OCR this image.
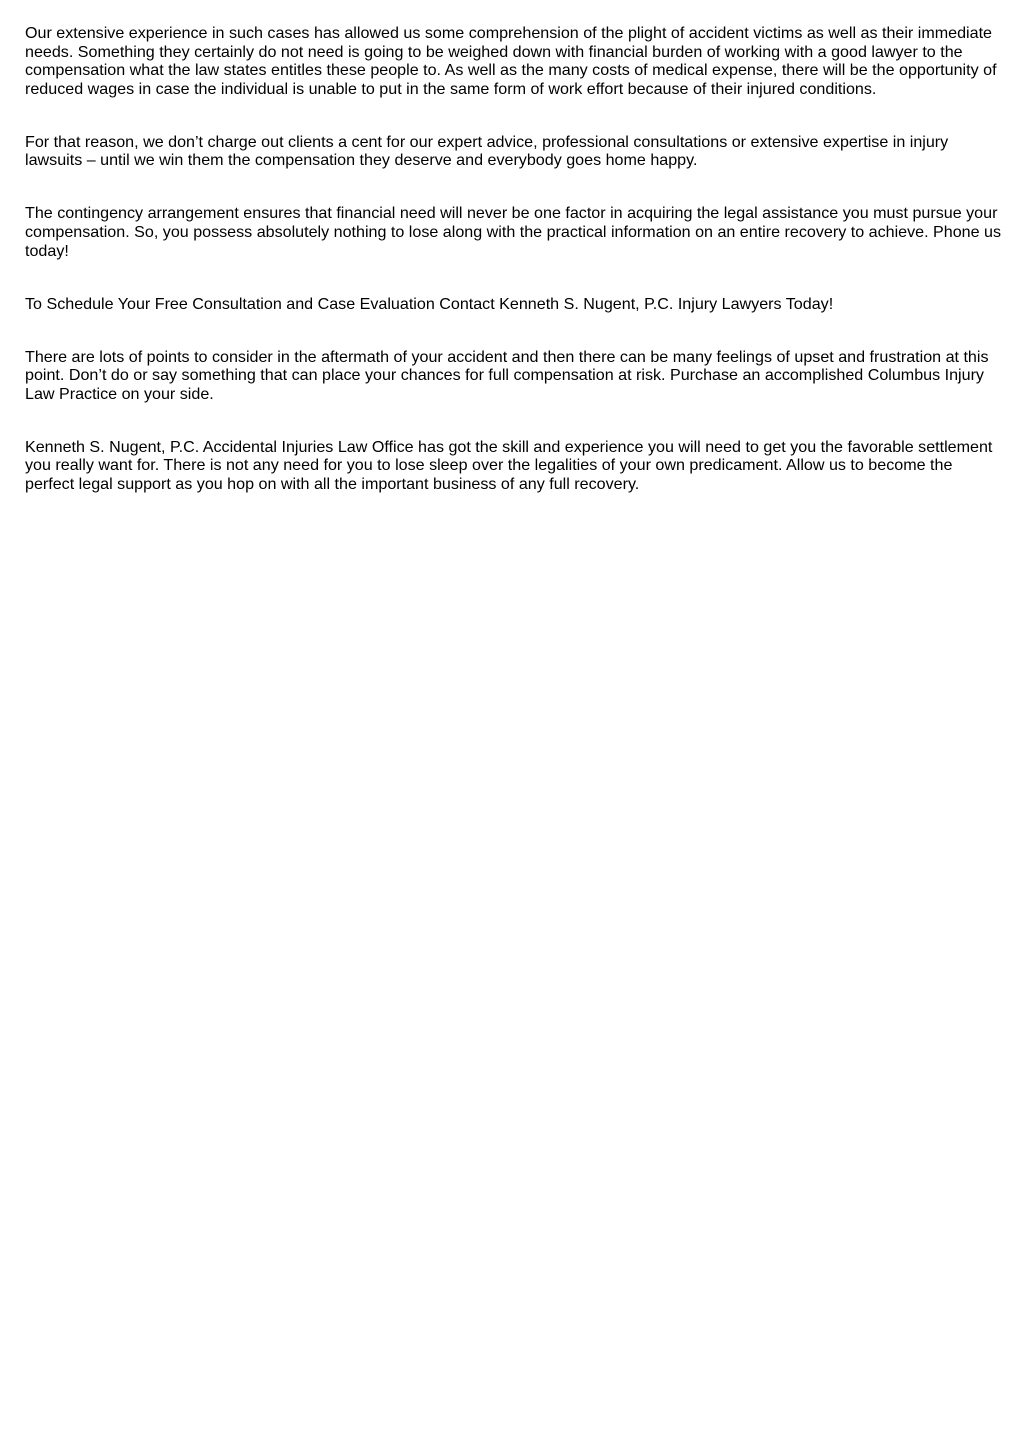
Our extensive experience in such cases has allowed us some comprehension of the plight of accident victims as well as their immediate needs. Something they certainly do not need is going to be weighed down with financial burden of working with a good lawyer to the compensation what the law states entitles these people to. As well as the many costs of medical expense, there will be the opportunity of reduced wages in case the individual is unable to put in the same form of work effort because of their injured conditions.

For that reason, we don’t charge out clients a cent for our expert advice, professional consultations or extensive expertise in injury lawsuits – until we win them the compensation they deserve and everybody goes home happy.

The contingency arrangement ensures that financial need will never be one factor in acquiring the legal assistance you must pursue your compensation. So, you possess absolutely nothing to lose along with the practical information on an entire recovery to achieve. Phone us today!

To Schedule Your Free Consultation and Case Evaluation Contact Kenneth S. Nugent, P.C. Injury Lawyers Today!

There are lots of points to consider in the aftermath of your accident and then there can be many feelings of upset and frustration at this point. Don’t do or say something that can place your chances for full compensation at risk. Purchase an accomplished Columbus Injury Law Practice on your side.

Kenneth S. Nugent, P.C. Accidental Injuries Law Office has got the skill and experience you will need to get you the favorable settlement you really want for. There is not any need for you to lose sleep over the legalities of your own predicament. Allow us to become the perfect legal support as you hop on with all the important business of any full recovery.
